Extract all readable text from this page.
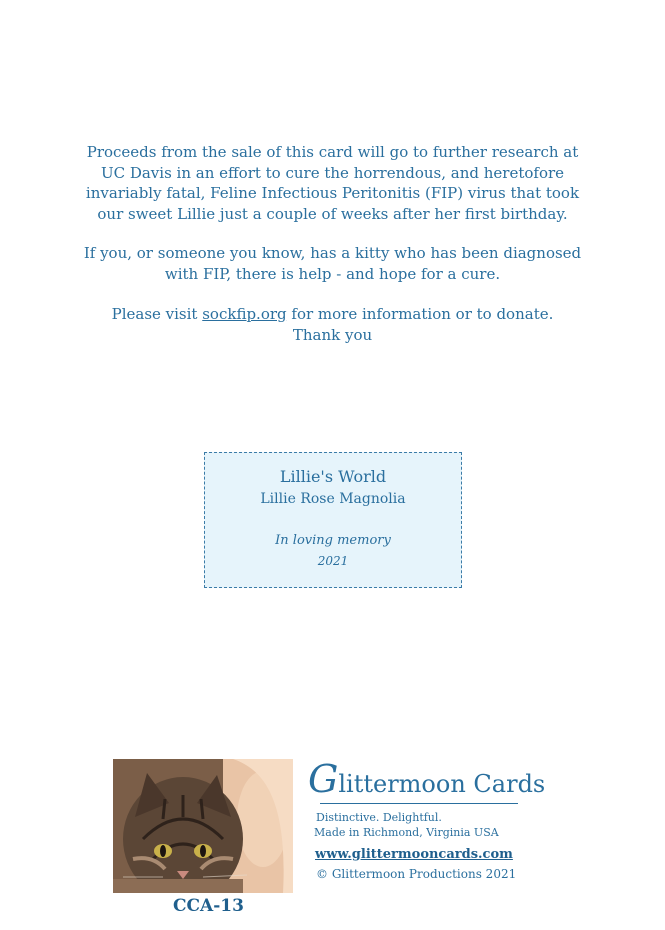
Proceeds from the sale of this card will go to further research at
UC Davis in an effort to cure the horrendous, and heretofore
invariably fatal, Feline Infectious Peritonitis (FIP) virus that took
our sweet Lillie just a couple of weeks after her first birthday.
If you, or someone you know, has a kitty who has been diagnosed
with FIP, there is help - and hope for a cure.
Please visit sockfip.org for more information or to donate.
Thank you
Lillie's World
Lillie Rose Magnolia
In loving memory
2021
CCA-13
Glittermoon Cards
Distinctive. Delightful.
Made in Richmond, Virginia USA
www.glittermooncards.com
© Glittermoon Productions 2021
